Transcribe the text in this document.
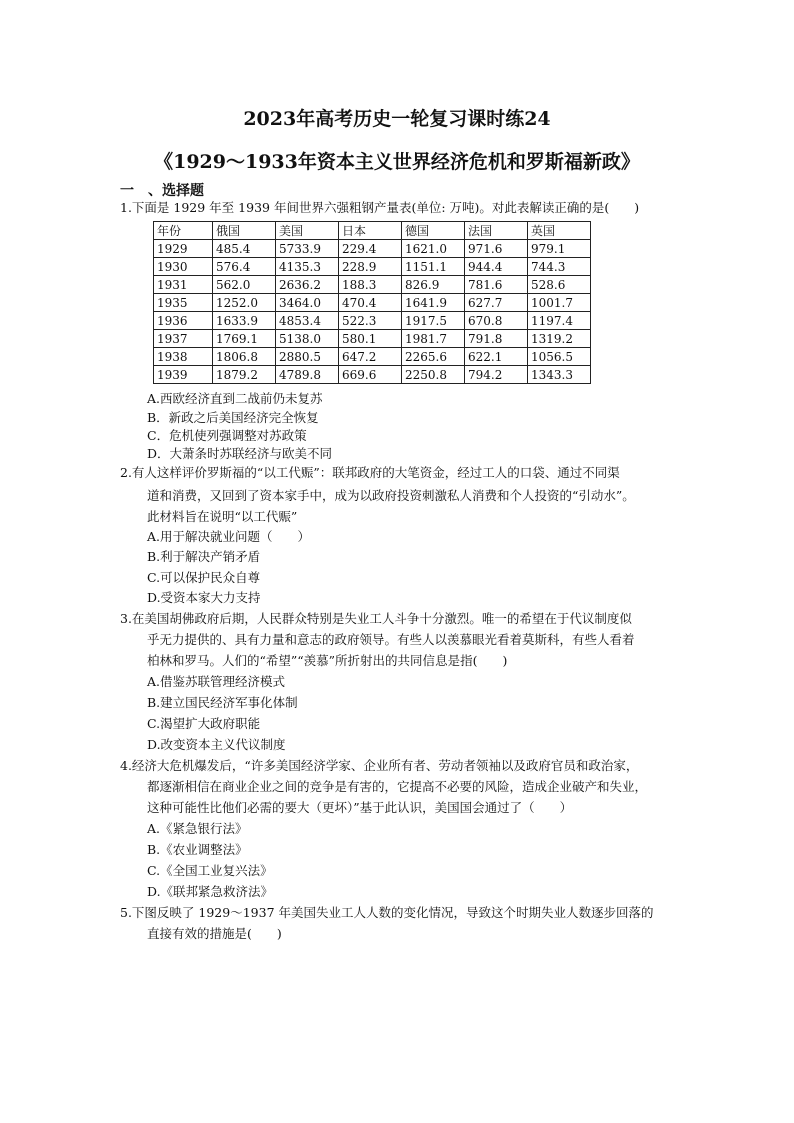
2023年高考历史一轮复习课时练24
《1929～1933年资本主义世界经济危机和罗斯福新政》
一　、选择题
1.下面是 1929 年至 1939 年间世界六强粗钢产量表(单位: 万吨)。对此表解读正确的是(　　)
年份	俄国	美国	日本	德国	法国	英国
1929	485.4	5733.9	229.4	1621.0	971.6	979.1
1930	576.4	4135.3	228.9	1151.1	944.4	744.3
1931	562.0	2636.2	188.3	826.9	781.6	528.6
1935	1252.0	3464.0	470.4	1641.9	627.7	1001.7
1936	1633.9	4853.4	522.3	1917.5	670.8	1197.4
1937	1769.1	5138.0	580.1	1981.7	791.8	1319.2
1938	1806.8	2880.5	647.2	2265.6	622.1	1056.5
1939	1879.2	4789.8	669.6	2250.8	794.2	1343.3
A.西欧经济直到二战前仍未复苏
B．新政之后美国经济完全恢复
C．危机使列强调整对苏政策
D．大萧条时苏联经济与欧美不同
2.有人这样评价罗斯福的“以工代赈”：联邦政府的大笔资金，经过工人的口袋、通过不同渠
道和消费，又回到了资本家手中，成为以政府投资刺激私人消费和个人投资的“引动水”。
此材料旨在说明“以工代赈”
A.用于解决就业问题（　　）
B.利于解决产销矛盾
C.可以保护民众自尊
D.受资本家大力支持
3.在美国胡佛政府后期，人民群众特别是失业工人斗争十分激烈。唯一的希望在于代议制度似
乎无力提供的、具有力量和意志的政府领导。有些人以羡慕眼光看着莫斯科，有些人看着
柏林和罗马。人们的“希望”“羡慕”所折射出的共同信息是指(　　)
A.借鉴苏联管理经济模式
B.建立国民经济军事化体制
C.渴望扩大政府职能
D.改变资本主义代议制度
4.经济大危机爆发后，“许多美国经济学家、企业所有者、劳动者领袖以及政府官员和政治家，
都逐渐相信在商业企业之间的竞争是有害的，它提高不必要的风险，造成企业破产和失业，
这种可能性比他们必需的要大（更坏）”基于此认识，美国国会通过了（　　）
A.《紧急银行法》
B.《农业调整法》
C.《全国工业复兴法》
D.《联邦紧急救济法》
5.下图反映了 1929～1937 年美国失业工人人数的变化情况，导致这个时期失业人数逐步回落的
直接有效的措施是(　　)
